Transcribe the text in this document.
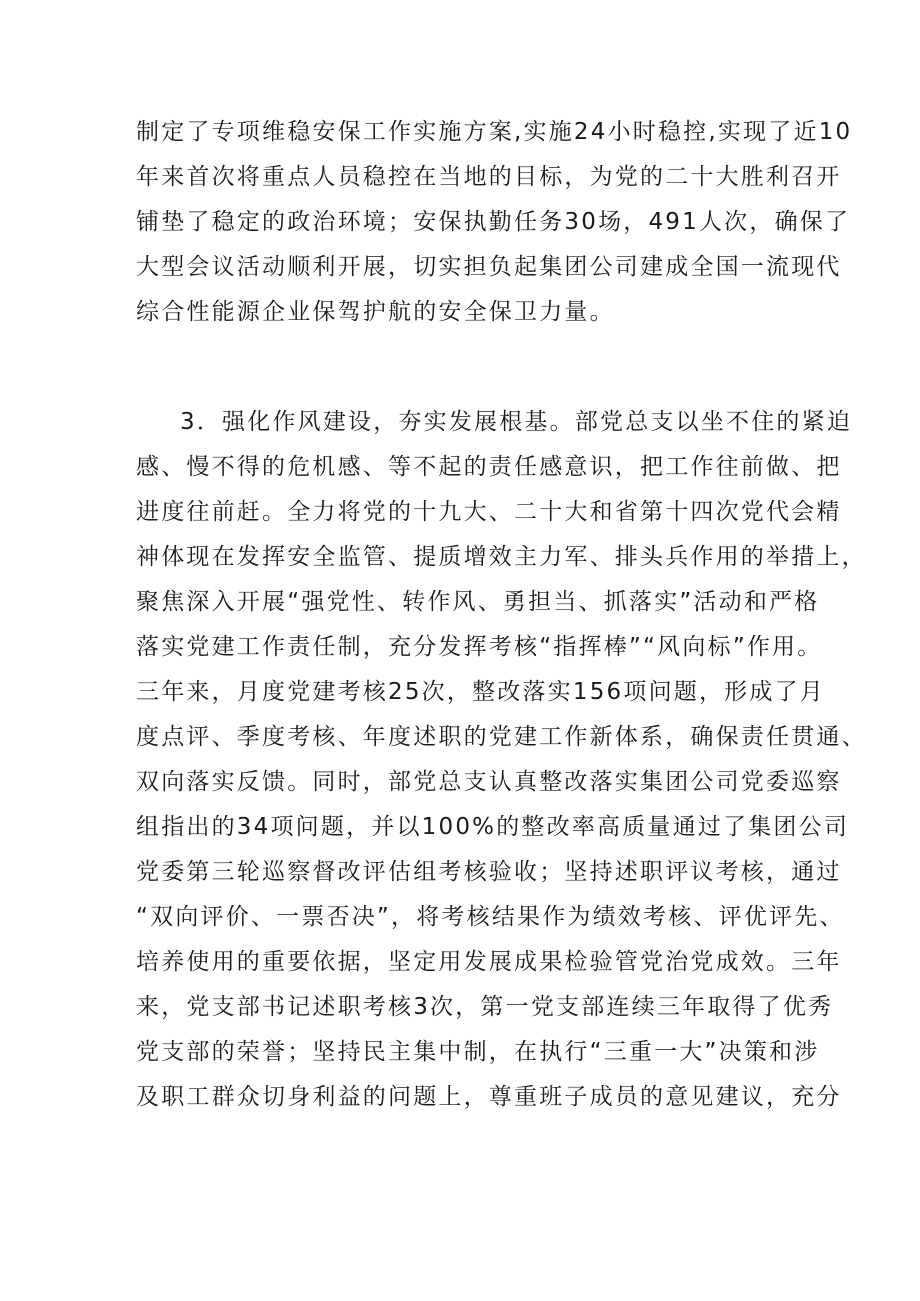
制定了专项维稳安保工作实施方案,实施24小时稳控,实现了近10
年来首次将重点人员稳控在当地的目标，为党的二十大胜利召开
铺垫了稳定的政治环境；安保执勤任务30场，491人次，确保了
大型会议活动顺利开展，切实担负起集团公司建成全国一流现代
综合性能源企业保驾护航的安全保卫力量。
3．强化作风建设，夯实发展根基。部党总支以坐不住的紧迫
感、慢不得的危机感、等不起的责任感意识，把工作往前做、把
进度往前赶。全力将党的十九大、二十大和省第十四次党代会精
神体现在发挥安全监管、提质增效主力军、排头兵作用的举措上，
聚焦深入开展“强党性、转作风、勇担当、抓落实”活动和严格
落实党建工作责任制，充分发挥考核“指挥棒”“风向标”作用。
三年来，月度党建考核25次，整改落实156项问题，形成了月
度点评、季度考核、年度述职的党建工作新体系，确保责任贯通、
双向落实反馈。同时，部党总支认真整改落实集团公司党委巡察
组指出的34项问题，并以100%的整改率高质量通过了集团公司
党委第三轮巡察督改评估组考核验收；坚持述职评议考核，通过
“双向评价、一票否决”，将考核结果作为绩效考核、评优评先、
培养使用的重要依据，坚定用发展成果检验管党治党成效。三年
来，党支部书记述职考核3次，第一党支部连续三年取得了优秀
党支部的荣誉；坚持民主集中制，在执行“三重一大”决策和涉
及职工群众切身利益的问题上，尊重班子成员的意见建议，充分
